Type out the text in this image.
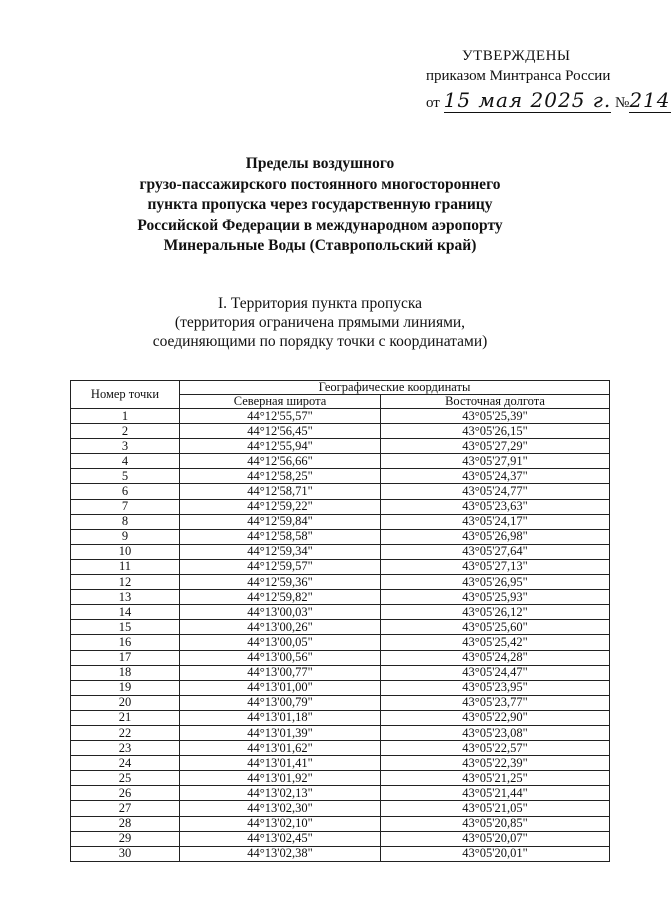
УТВЕРЖДЕНЫ
приказом Минтранса России
от 15 мая 2025 г. №214
Пределы воздушного
грузо-пассажирского постоянного многостороннего
пункта пропуска через государственную границу
Российской Федерации в международном аэропорту
Минеральные Воды (Ставропольский край)
I. Территория пункта пропуска
(территория ограничена прямыми линиями,
соединяющими по порядку точки с координатами)
Номер точки	Географические координаты	
	Северная широта	Восточная долгота
1	44°12'55,57"	43°05'25,39"
2	44°12'56,45"	43°05'26,15"
3	44°12'55,94"	43°05'27,29"
4	44°12'56,66"	43°05'27,91"
5	44°12'58,25"	43°05'24,37"
6	44°12'58,71"	43°05'24,77"
7	44°12'59,22"	43°05'23,63"
8	44°12'59,84"	43°05'24,17"
9	44°12'58,58"	43°05'26,98"
10	44°12'59,34"	43°05'27,64"
11	44°12'59,57"	43°05'27,13"
12	44°12'59,36"	43°05'26,95"
13	44°12'59,82"	43°05'25,93"
14	44°13'00,03"	43°05'26,12"
15	44°13'00,26"	43°05'25,60"
16	44°13'00,05"	43°05'25,42"
17	44°13'00,56"	43°05'24,28"
18	44°13'00,77"	43°05'24,47"
19	44°13'01,00"	43°05'23,95"
20	44°13'00,79"	43°05'23,77"
21	44°13'01,18"	43°05'22,90"
22	44°13'01,39"	43°05'23,08"
23	44°13'01,62"	43°05'22,57"
24	44°13'01,41"	43°05'22,39"
25	44°13'01,92"	43°05'21,25"
26	44°13'02,13"	43°05'21,44"
27	44°13'02,30"	43°05'21,05"
28	44°13'02,10"	43°05'20,85"
29	44°13'02,45"	43°05'20,07"
30	44°13'02,38"	43°05'20,01"
